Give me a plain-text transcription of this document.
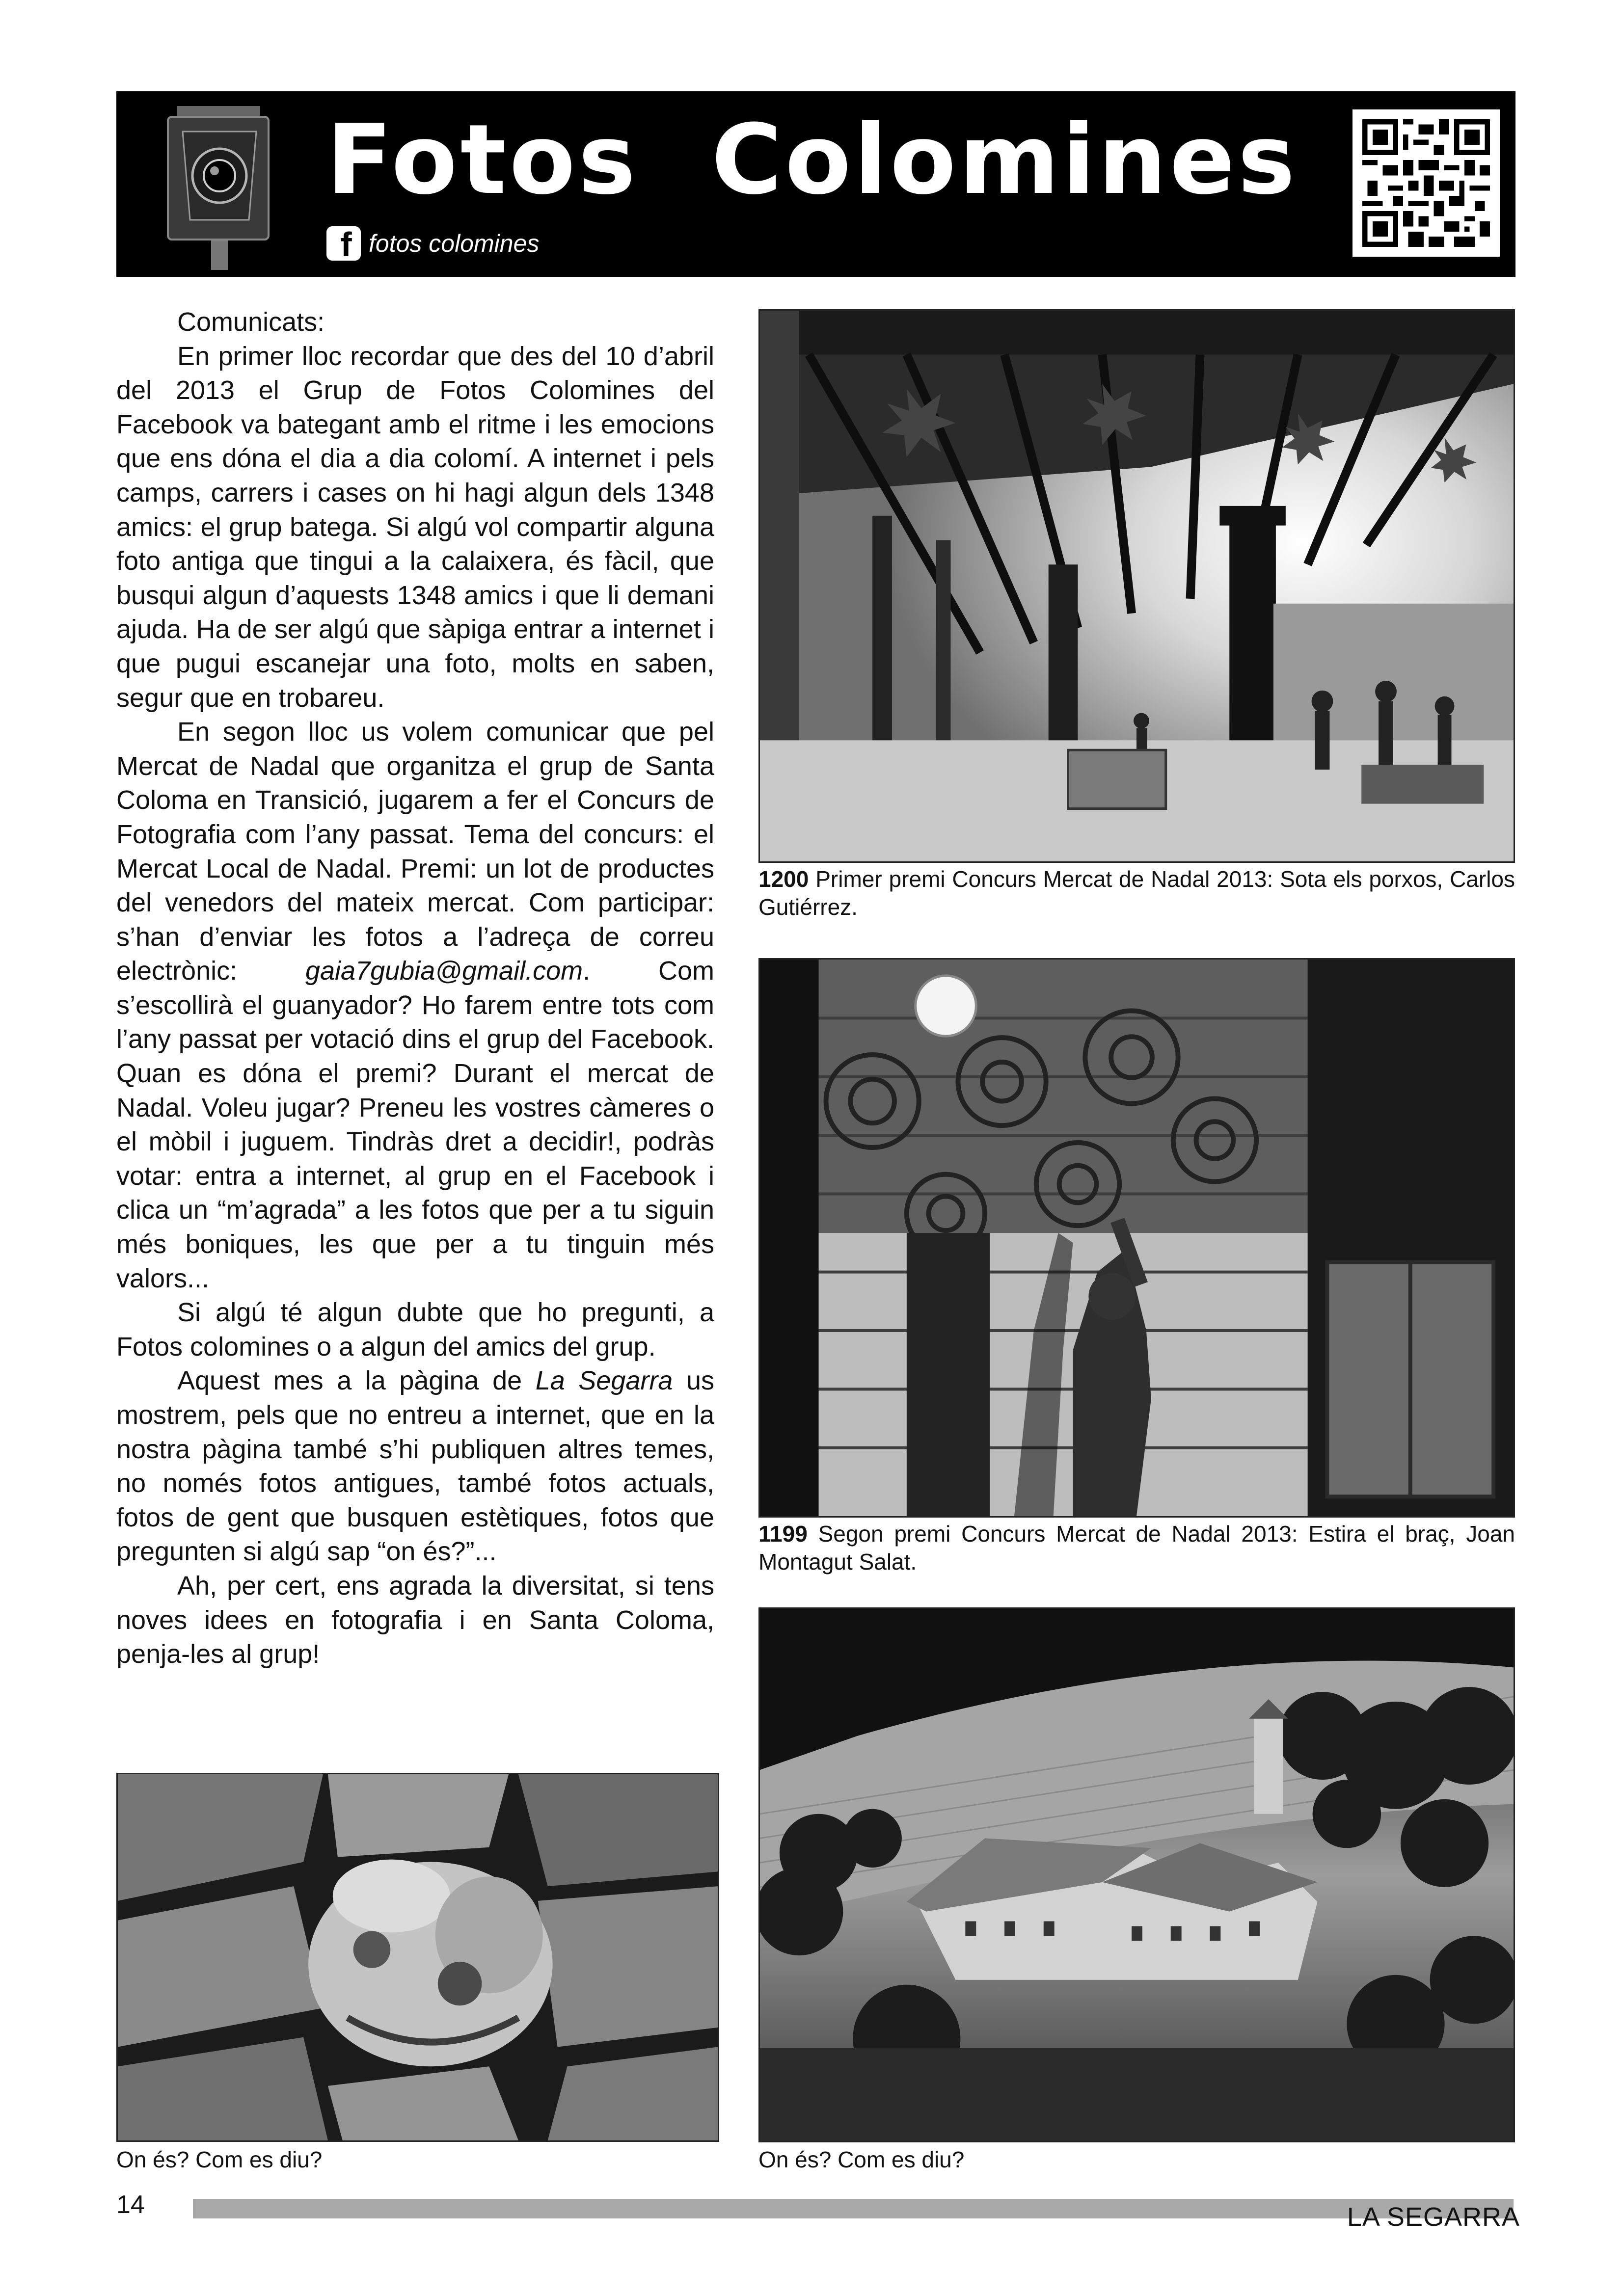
Fotos  Colomines
f fotos colomines

Comunicats:

En primer lloc recordar que des del 10 d’abril del 2013 el Grup de Fotos Colomines del Facebook va bategant amb el ritme i les emocions que ens dóna el dia a dia colomí. A internet i pels camps, carrers i cases on hi hagi algun dels 1348 amics: el grup batega. Si algú vol compartir alguna foto antiga que tingui a la calaixera, és fàcil, que busqui algun d’aquests 1348 amics i que li demani ajuda. Ha de ser algú que sàpiga entrar a internet i que pugui escanejar una foto, molts en saben, segur que en trobareu.

En segon lloc us volem comunicar que pel Mercat de Nadal que organitza el grup de Santa Coloma en Transició, jugarem a fer el Concurs de Fotografia com l’any passat. Tema del concurs: el Mercat Local de Nadal. Premi: un lot de productes del venedors del mateix mercat. Com participar: s’han d’enviar les fotos a l’adreça de correu electrònic: gaia7gubia@gmail.com. Com s’escollirà el guanyador? Ho farem entre tots com l’any passat per votació dins el grup del Facebook. Quan es dóna el premi? Durant el mercat de Nadal. Voleu jugar? Preneu les vostres càmeres o el mòbil i juguem. Tindràs dret a decidir!, podràs votar: entra a internet, al grup en el Facebook i clica un “m’agrada” a les fotos que per a tu siguin més boniques, les que per a tu tinguin més valors...

Si algú té algun dubte que ho pregunti, a Fotos colomines o a algun del amics del grup.

Aquest mes a la pàgina de La Segarra us mostrem, pels que no entreu a internet, que en la nostra pàgina també s’hi publiquen altres temes, no només fotos antigues, també fotos actuals, fotos de gent que busquen estètiques, fotos que pregunten si algú sap “on és?”...

Ah, per cert, ens agrada la diversitat, si tens noves idees en fotografia i en Santa Coloma, penja-les al grup!

1200 Primer premi Concurs Mercat de Nadal 2013: Sota els porxos, Carlos Gutiérrez.

1199 Segon premi Concurs Mercat de Nadal 2013: Estira el braç, Joan Montagut Salat.

On és? Com es diu?	On és? Com es diu?

14	LA SEGARRA
